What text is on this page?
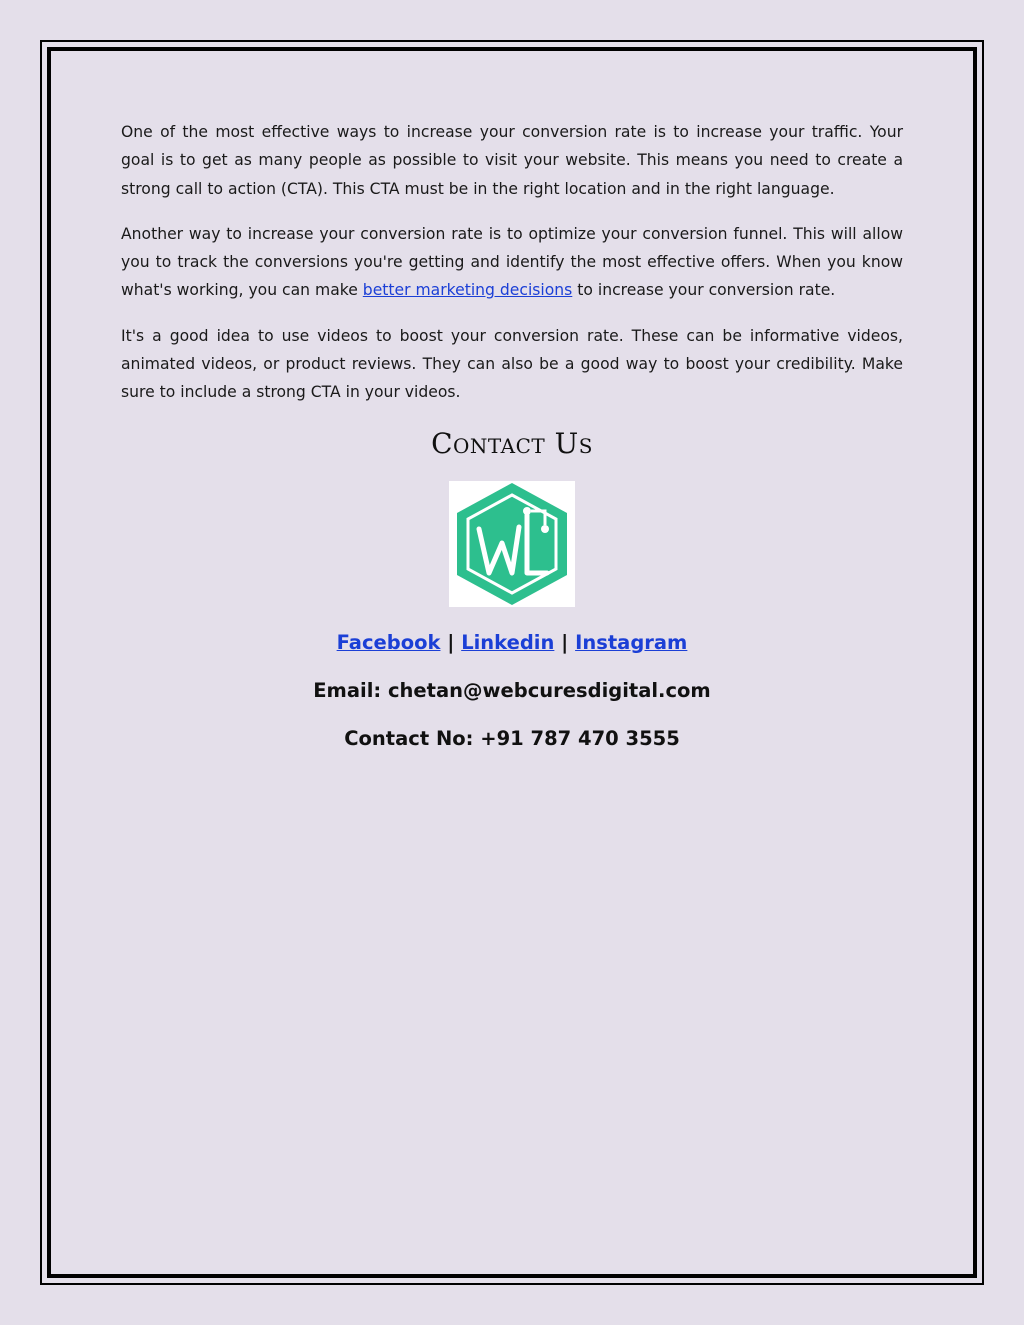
One of the most effective ways to increase your conversion rate is to increase your traffic. Your goal is to get as many people as possible to visit your website. This means you need to create a strong call to action (CTA). This CTA must be in the right location and in the right language.

Another way to increase your conversion rate is to optimize your conversion funnel. This will allow you to track the conversions you're getting and identify the most effective offers. When you know what's working, you can make better marketing decisions to increase your conversion rate.

It's a good idea to use videos to boost your conversion rate. These can be informative videos, animated videos, or product reviews. They can also be a good way to boost your credibility. Make sure to include a strong CTA in your videos.

Contact Us
Facebook | Linkedin | Instagram
Email: chetan@webcuresdigital.com
Contact No: +91 787 470 3555
